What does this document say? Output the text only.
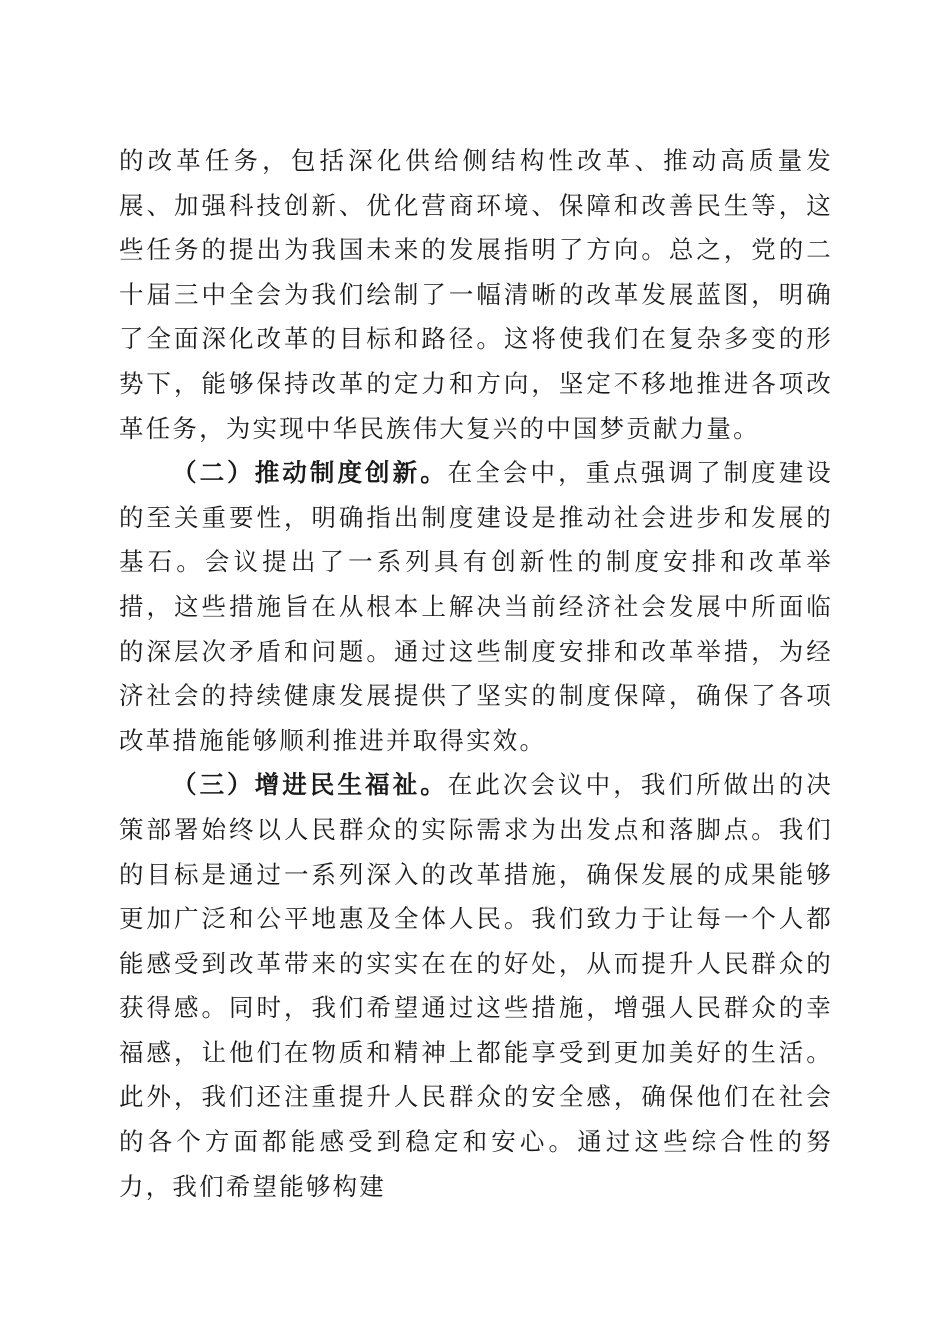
的改革任务，包括深化供给侧结构性改革、推动高质量发展、加强科技创新、优化营商环境、保障和改善民生等，这些任务的提出为我国未来的发展指明了方向。总之，党的二十届三中全会为我们绘制了一幅清晰的改革发展蓝图，明确了全面深化改革的目标和路径。这将使我们在复杂多变的形势下，能够保持改革的定力和方向，坚定不移地推进各项改革任务，为实现中华民族伟大复兴的中国梦贡献力量。

（二）推动制度创新。在全会中，重点强调了制度建设的至关重要性，明确指出制度建设是推动社会进步和发展的基石。会议提出了一系列具有创新性的制度安排和改革举措，这些措施旨在从根本上解决当前经济社会发展中所面临的深层次矛盾和问题。通过这些制度安排和改革举措，为经济社会的持续健康发展提供了坚实的制度保障，确保了各项改革措施能够顺利推进并取得实效。

（三）增进民生福祉。在此次会议中，我们所做出的决策部署始终以人民群众的实际需求为出发点和落脚点。我们的目标是通过一系列深入的改革措施，确保发展的成果能够更加广泛和公平地惠及全体人民。我们致力于让每一个人都能感受到改革带来的实实在在的好处，从而提升人民群众的获得感。同时，我们希望通过这些措施，增强人民群众的幸福感，让他们在物质和精神上都能享受到更加美好的生活。此外，我们还注重提升人民群众的安全感，确保他们在社会的各个方面都能感受到稳定和安心。通过这些综合性的努力，我们希望能够构建
